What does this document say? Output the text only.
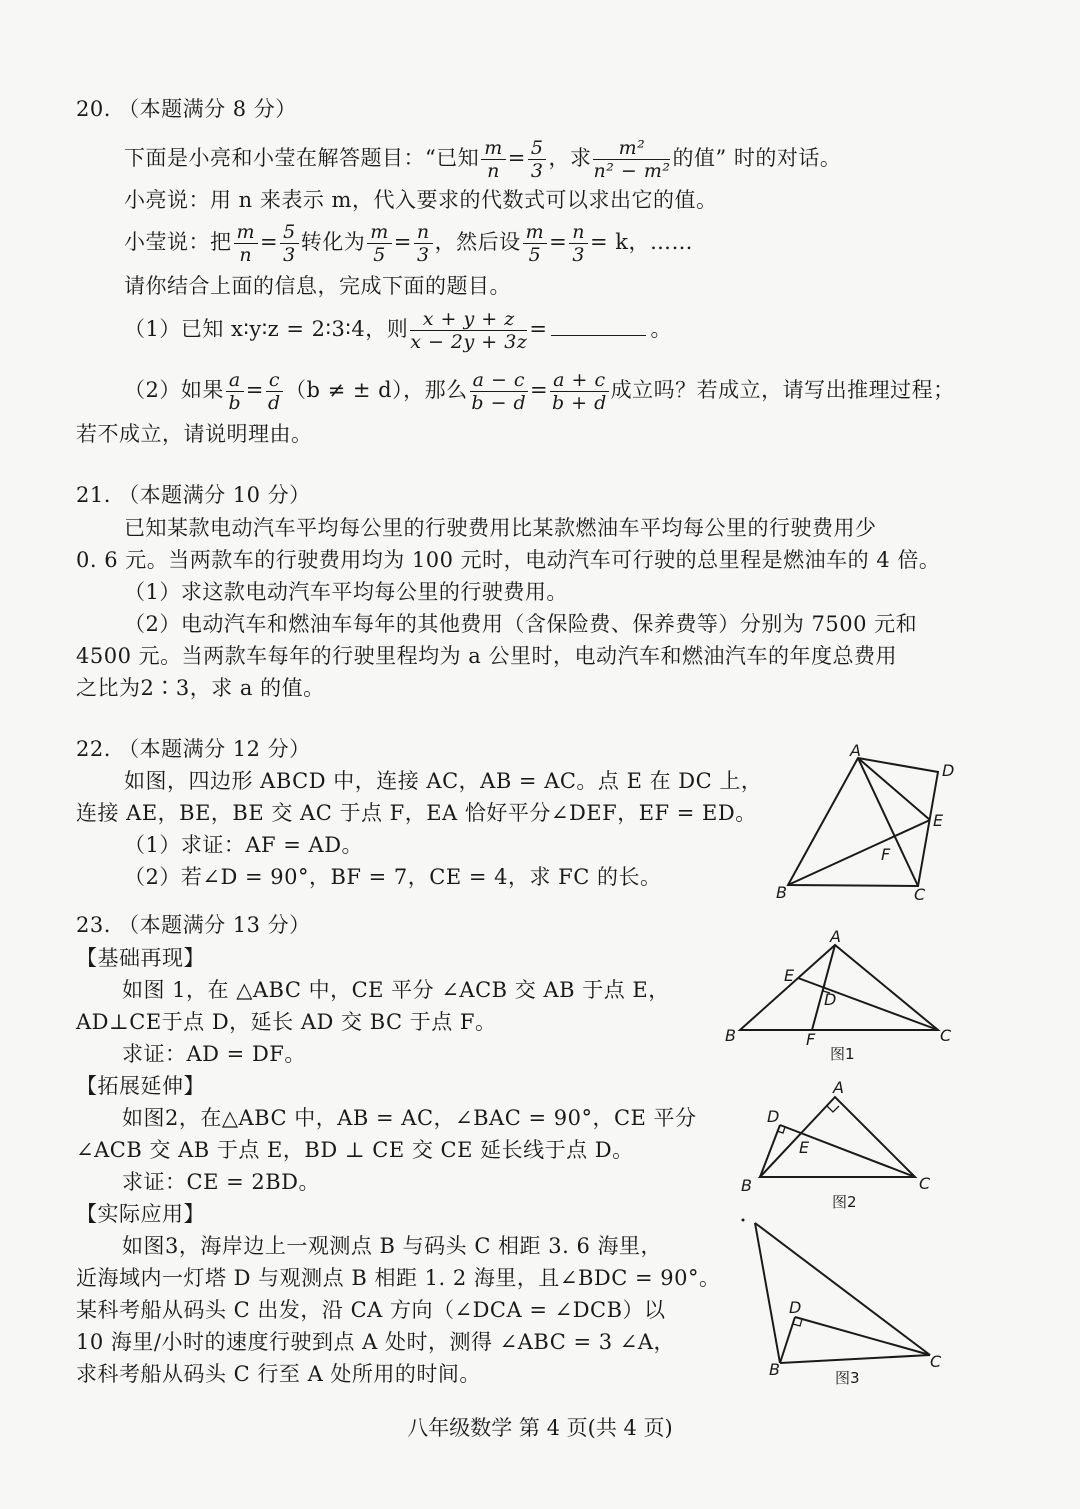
20. （本题满分 8 分）
下面是小亮和小莹在解答题目：“已知 $\frac{m}{n} = \frac{5}{3}$ ，求 $\frac{\text{m²}}{\text{n² − m²}}$ 的值” 时的对话。
小亮说：用 n 来表示 m，代入要求的代数式可以求出它的值。
小莹说：把 $\frac{m}{n} = \frac{5}{3}$ 转化为 $\frac{m}{5} = \frac{n}{3}$ ，然后设 $\frac{m}{5} = \frac{n}{3} = k$，……
请你结合上面的信息，完成下面的题目。
（1）已知 x∶y∶z = 2∶3∶4，则 $\frac{x + y + z}{x - 2y + 3z}$ =	。
（2）如果 $\frac{a}{b} = \frac{c}{d} (b$ ≠ ± d），那么 $\frac{a - c}{b - d} = \frac{a + c}{b + d}$ 成立吗？若成立，请写出推理过程；
若不成立，请说明理由。
21. （本题满分 10 分）
已知某款电动汽车平均每公里的行驶费用比某款燃油车平均每公里的行驶费用少
0. 6 元。当两款车的行驶费用均为 100 元时，电动汽车可行驶的总里程是燃油车的 4 倍。
（1）求这款电动汽车平均每公里的行驶费用。
（2）电动汽车和燃油车每年的其他费用（含保险费、保养费等）分别为 7500 元和
4500 元。当两款车每年的行驶里程均为 a 公里时，电动汽车和燃油汽车的年度总费用
之比为2∶3，求 a 的值。
22. （本题满分 12 分）
如图，四边形 ABCD 中，连接 AC，AB = AC。点 E 在 DC 上，
连接 AE，BE，BE 交 AC 于点 F，EA 恰好平分∠DEF，EF = ED。
（1）求证：AF = AD。
（2）若∠D = 90°，BF = 7，CE = 4，求 FC 的长。
A
D
E
F
B	C
23. （本题满分 13 分）
【基础再现】
如图 1，在 △ABC 中，CE 平分 ∠ACB 交 AB 于点 E，
AD⊥CE于点 D，延长 AD 交 BC 于点 F。
求证：AD = DF。
【拓展延伸】
如图2，在△ABC 中，AB = AC，∠BAC = 90°，CE 平分
∠ACB 交 AB 于点 E，BD ⊥ CE 交 CE 延长线于点 D。
求证：CE = 2BD。
【实际应用】
如图3，海岸边上一观测点 B 与码头 C 相距 3. 6 海里，
近海域内一灯塔 D 与观测点 B 相距 1. 2 海里，且∠BDC = 90°。
某科考船从码头 C 出发，沿 CA 方向（∠DCA = ∠DCB）以
10 海里/小时的速度行驶到点 A 处时，测得 ∠ABC = 3 ∠A，
求科考船从码头 C 行至 A 处所用的时间。
A
E
D
B	F	C
图1
A
D
E
B	C
图2
D
B	C
图3
八年级数学 第 4 页(共 4 页)
